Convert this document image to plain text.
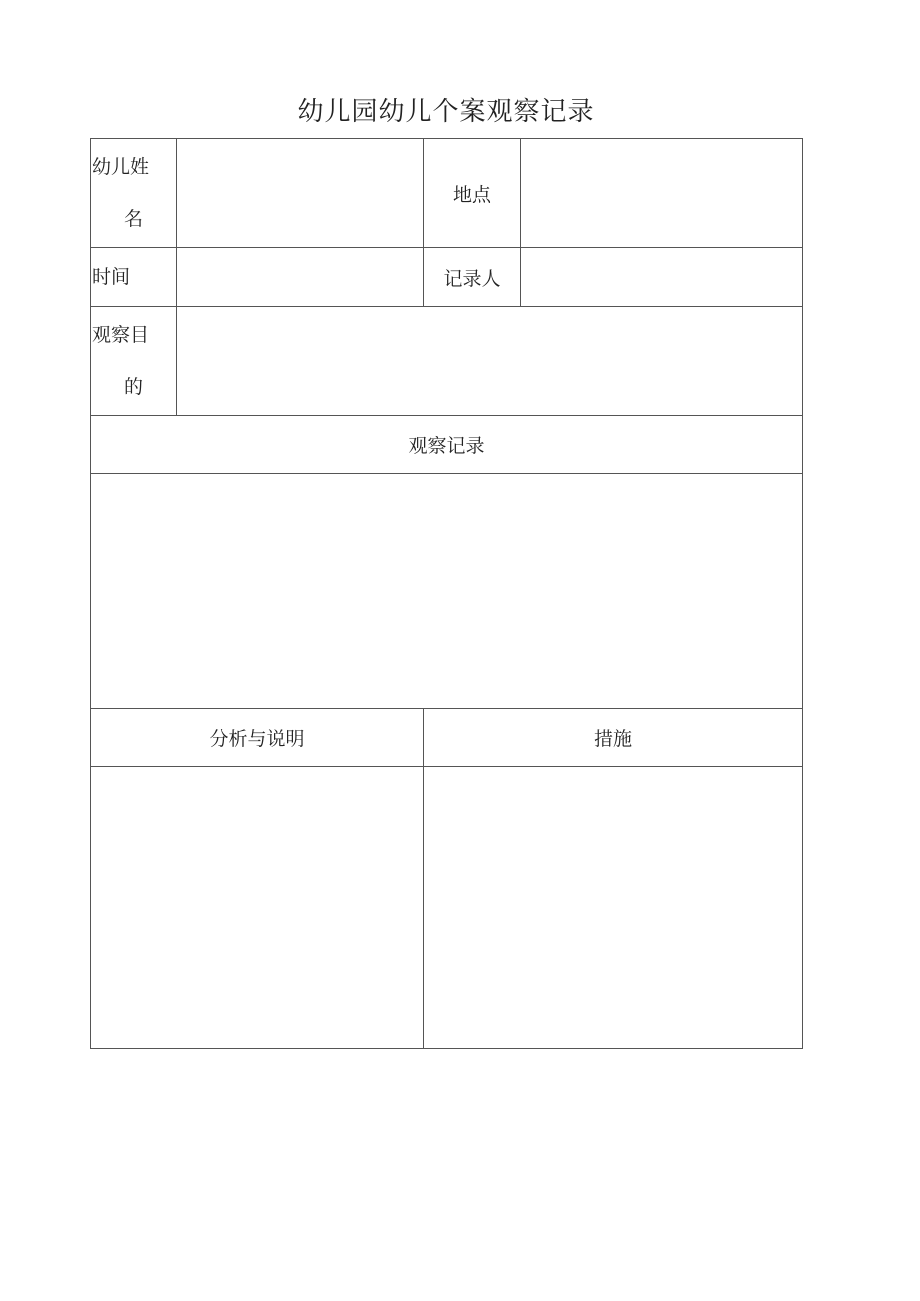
幼儿园幼儿个案观察记录
幼儿姓
名		地点	
时间		记录人	
观察目
的			

观察记录			

分析与说明		措施	
